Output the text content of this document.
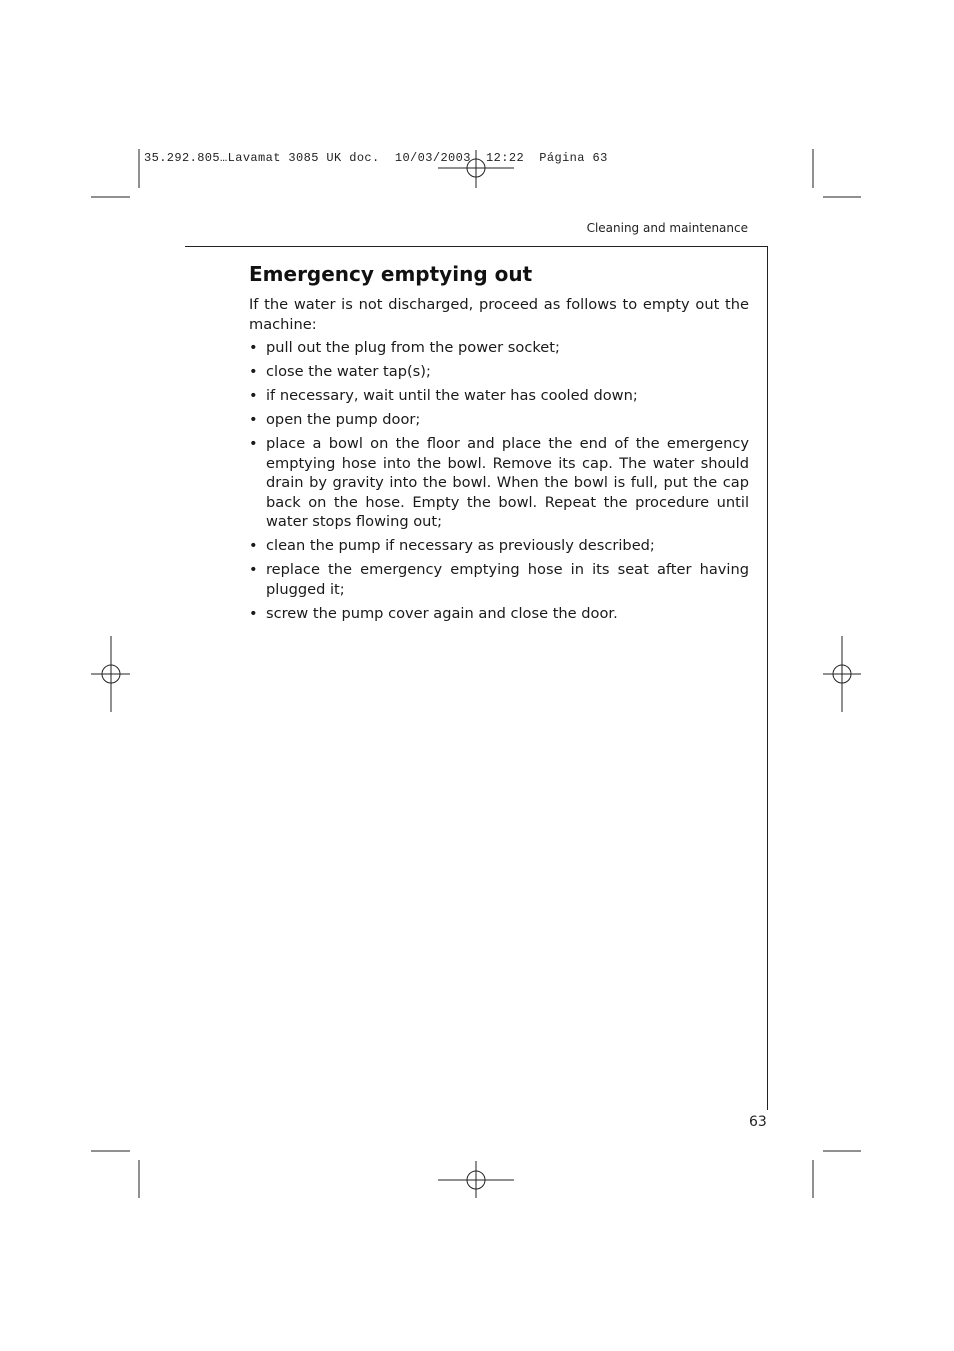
35.292.805…Lavamat 3085 UK doc.  10/03/2003  12:22  Página 63
Cleaning and maintenance
Emergency emptying out

If the water is not discharged, proceed as follows to empty out the machine:

• pull out the plug from the power socket;
• close the water tap(s);
• if necessary, wait until the water has cooled down;
• open the pump door;
• place a bowl on the floor and place the end of the emergency emptying hose into the bowl. Remove its cap. The water should drain by gravity into the bowl. When the bowl is full, put the cap back on the hose. Empty the bowl. Repeat the procedure until water stops flowing out;
• clean the pump if necessary as previously described;
• replace the emergency emptying hose in its seat after having plugged it;
• screw the pump cover again and close the door.
63
